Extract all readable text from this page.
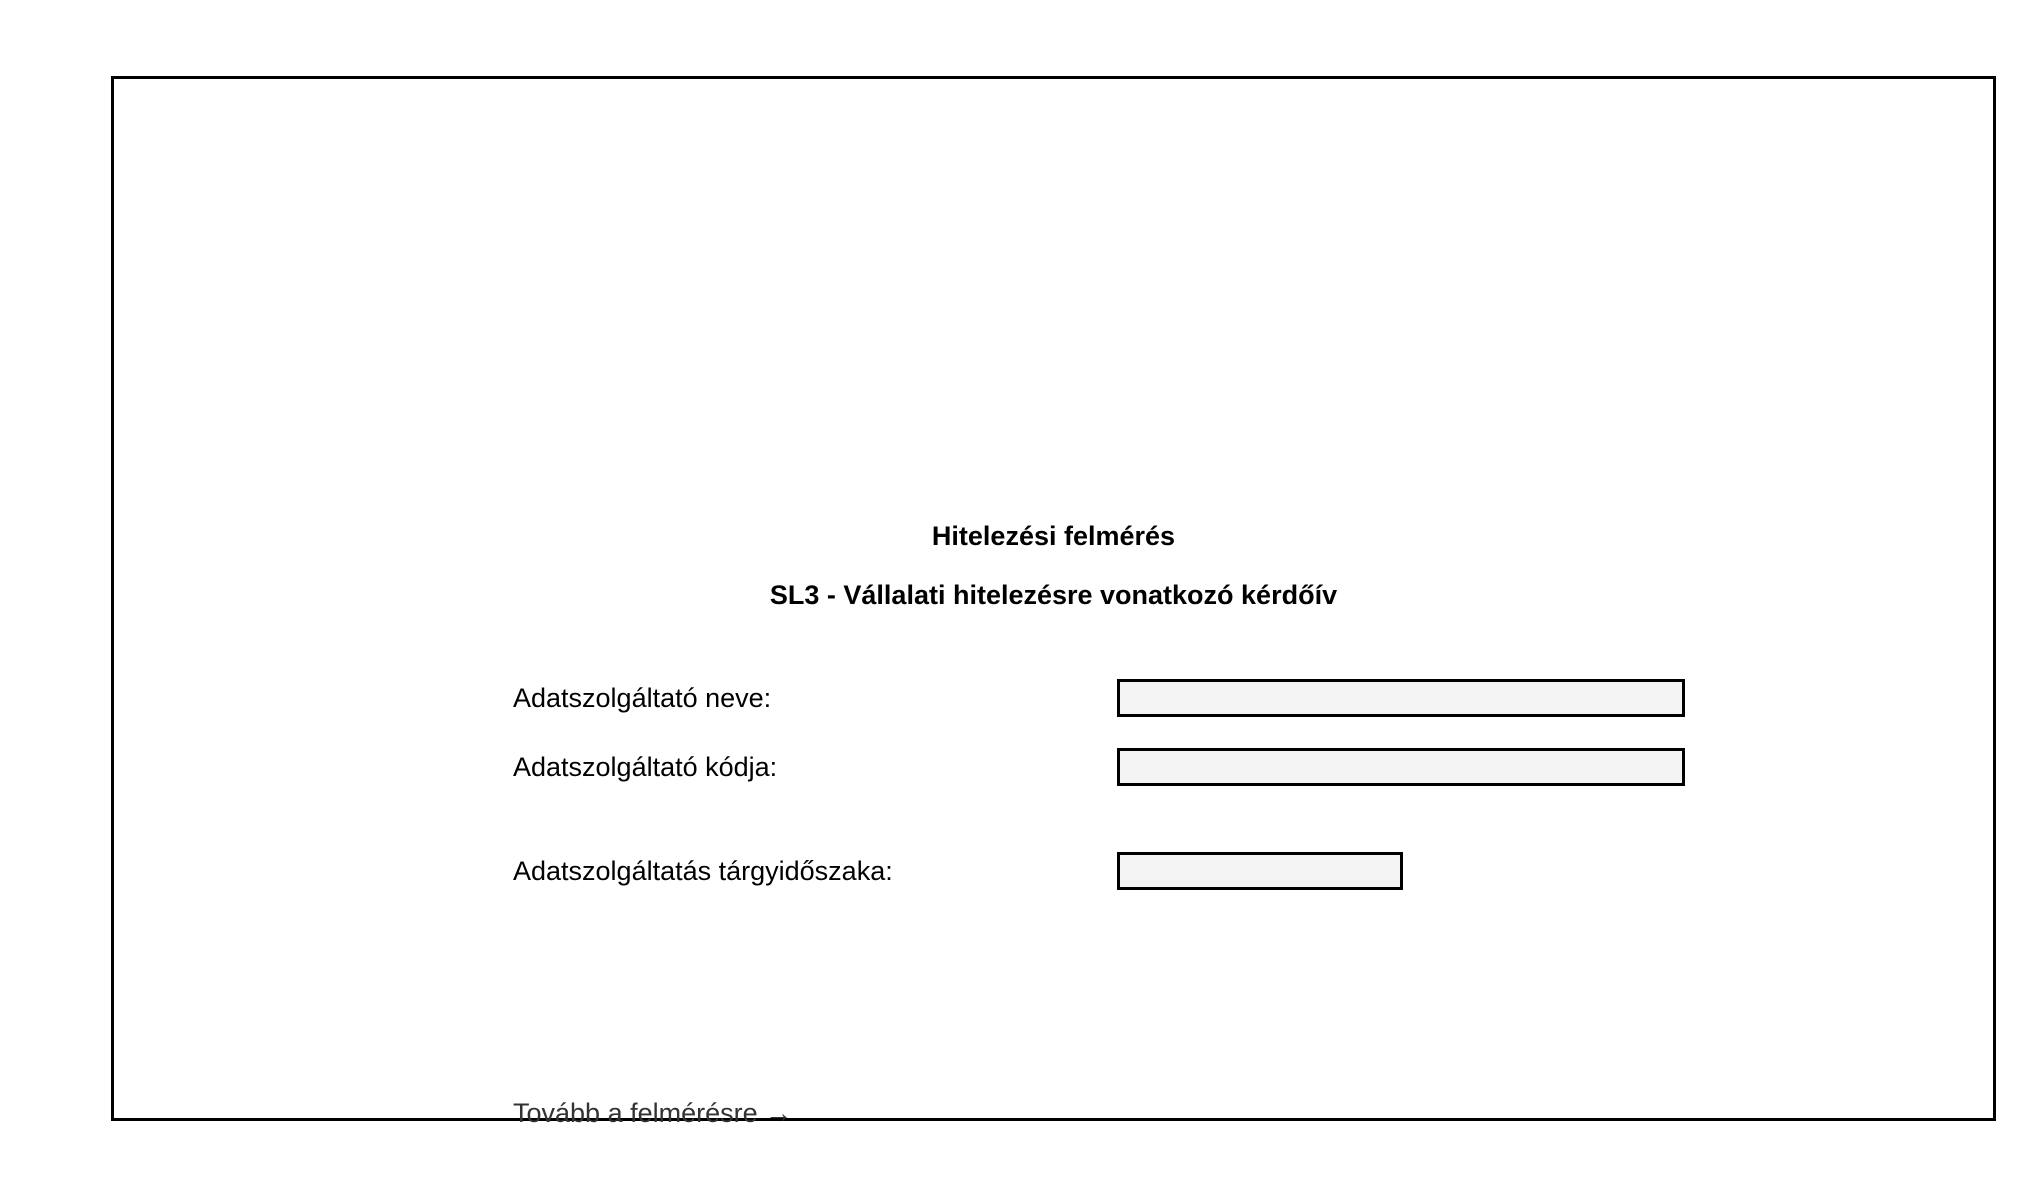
Hitelezési felmérés
SL3 - Vállalati hitelezésre vonatkozó kérdőív
Adatszolgáltató neve:
Adatszolgáltató kódja:
Adatszolgáltatás tárgyidőszaka:
Tovább a felmérésre →
